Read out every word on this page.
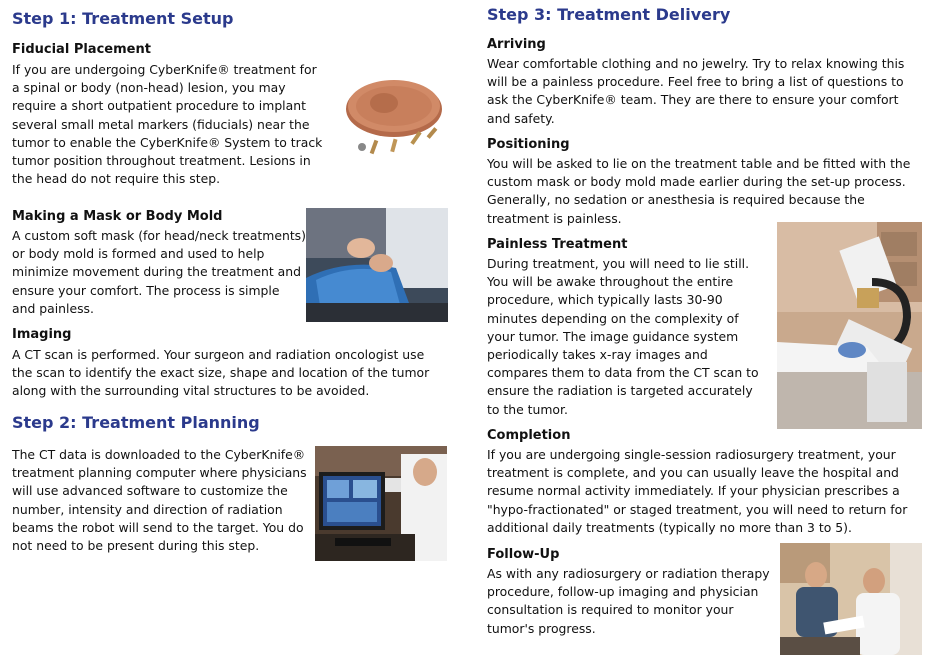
Step 1: Treatment Setup
Fiducial Placement

If you are undergoing CyberKnife® treatment for a spinal or body (non-head) lesion, you may require a short outpatient procedure to implant several small metal markers (fiducials) near the tumor to enable the CyberKnife® System to track tumor position throughout treatment. Lesions in the head do not require this step.

Making a Mask or Body Mold

A custom soft mask (for head/neck treatments) or body mold is formed and used to help minimize movement during the treatment and ensure your comfort. The process is simple and painless.

Imaging

A CT scan is performed. Your surgeon and radiation oncologist use the scan to identify the exact size, shape and location of the tumor along with the surrounding vital structures to be avoided.

Step 2: Treatment Planning

The CT data is downloaded to the CyberKnife® treatment planning computer where physicians will use advanced software to customize the number, intensity and direction of radiation beams the robot will send to the target. You do not need to be present during this step.

Step 3: Treatment Delivery
Arriving

Wear comfortable clothing and no jewelry. Try to relax knowing this will be a painless procedure. Feel free to bring a list of questions to ask the CyberKnife® team. They are there to ensure your comfort and safety.

Positioning

You will be asked to lie on the treatment table and be fitted with the custom mask or body mold made earlier during the set-up process. Generally, no sedation or anesthesia is required because the treatment is painless.

Painless Treatment

During treatment, you will need to lie still. You will be awake throughout the entire procedure, which typically lasts 30-90 minutes depending on the complexity of your tumor. The image guidance system periodically takes x-ray images and compares them to data from the CT scan to ensure the radiation is targeted accurately to the tumor.

Completion

If you are undergoing single-session radiosurgery treatment, your treatment is complete, and you can usually leave the hospital and resume normal activity immediately. If your physician prescribes a "hypo-fractionated" or staged treatment, you will need to return for additional daily treatments (typically no more than 3 to 5).

Follow-Up

As with any radiosurgery or radiation therapy procedure, follow-up imaging and physician consultation is required to monitor your tumor's progress.
